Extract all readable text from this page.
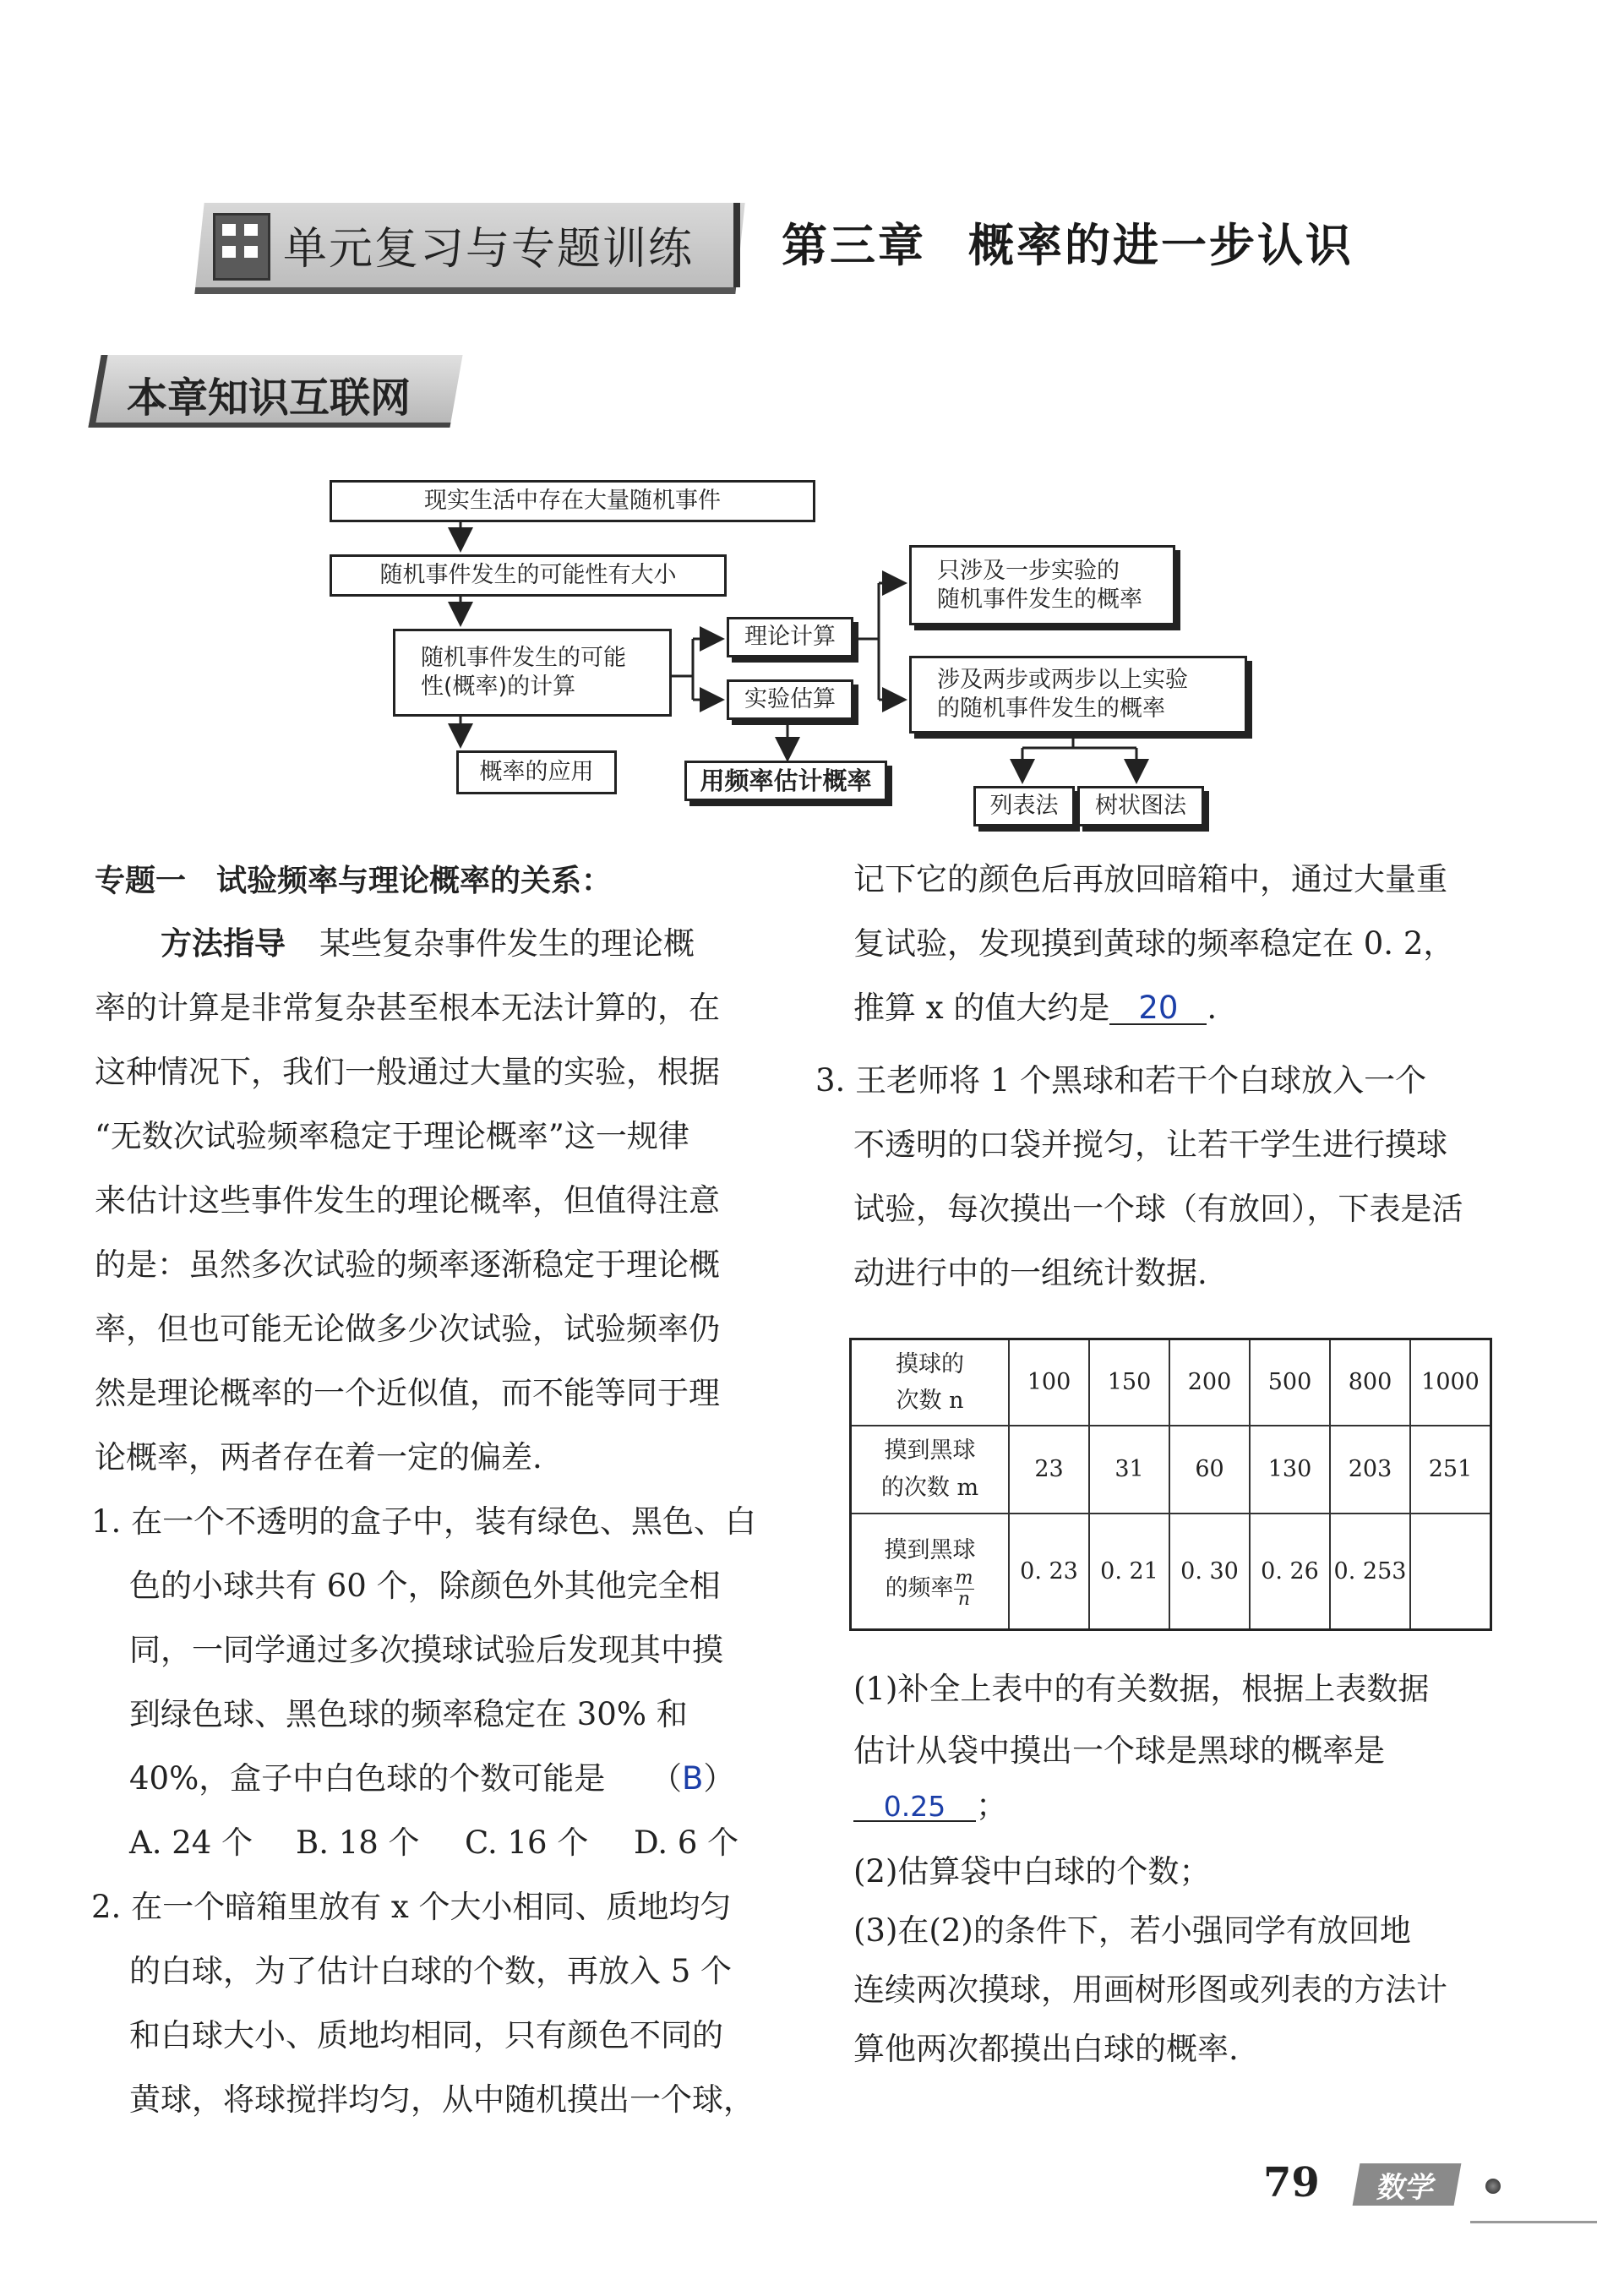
单元复习与专题训练 第三章 概率的进一步认识
本章知识互联网
现实生活中存在大量随机事件
随机事件发生的可能性有大小
随机事件发生的可能
性(概率)的计算
理论计算
实验估算
概率的应用	用频率估计概率
只涉及一步实验的
随机事件发生的概率
涉及两步或两步以上实验
的随机事件发生的概率
列表法	树状图法
专题一　试验频率与理论概率的关系：
方法指导 某些复杂事件发生的理论概
率的计算是非常复杂甚至根本无法计算的，在
这种情况下，我们一般通过大量的实验，根据
“无数次试验频率稳定于理论概率”这一规律
来估计这些事件发生的理论概率，但值得注意
的是：虽然多次试验的频率逐渐稳定于理论概
率，但也可能无论做多少次试验，试验频率仍
然是理论概率的一个近似值，而不能等同于理
论概率，两者存在着一定的偏差.
1. 在一个不透明的盒子中，装有绿色、黑色、白
色的小球共有 60 个，除颜色外其他完全相
同，一同学通过多次摸球试验后发现其中摸
到绿色球、黑色球的频率稳定在 30% 和
40%，盒子中白色球的个数可能是 （B）
A. 24 个 B. 18 个 C. 16 个 D. 6 个
2. 在一个暗箱里放有 x 个大小相同、质地均匀
的白球，为了估计白球的个数，再放入 5 个
和白球大小、质地均相同，只有颜色不同的
黄球，将球搅拌均匀，从中随机摸出一个球，
记下它的颜色后再放回暗箱中，通过大量重
复试验，发现摸到黄球的频率稳定在 0. 2，
推算 x 的值大约是 20 .
3. 王老师将 1 个黑球和若干个白球放入一个
不透明的口袋并搅匀，让若干学生进行摸球
试验，每次摸出一个球（有放回），下表是活
动进行中的一组统计数据.
摸球的
次数 n	100	150	200	500	800	1000

摸到黑球
的次数 m	23	31	60	130	203	251

摸到黑球
的频率 $\frac{m}{n}$	0. 23	0. 21	0. 30	0. 26	0. 253	
(1)补全上表中的有关数据，根据上表数据
估计从袋中摸出一个球是黑球的概率是
0.25 ；
(2)估算袋中白球的个数；
(3)在(2)的条件下，若小强同学有放回地
连续两次摸球，用画树形图或列表的方法计
算他两次都摸出白球的概率.
79	数学
